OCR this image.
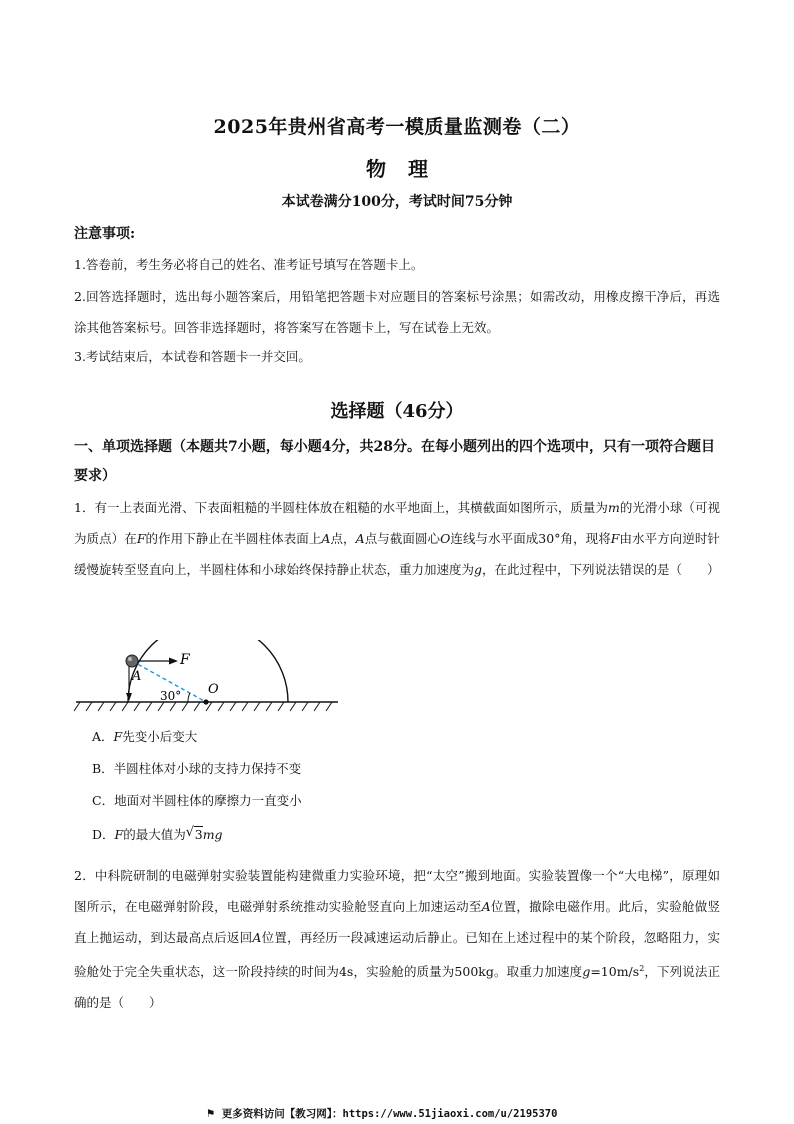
2025年贵州省高考一模质量监测卷（二）
物理
本试卷满分100分，考试时间75分钟
注意事项:
1.答卷前，考生务必将自己的姓名、准考证号填写在答题卡上。
2.回答选择题时，选出每小题答案后，用铅笔把答题卡对应题目的答案标号涂黑；如需改动，用橡皮擦干净后，再选涂其他答案标号。回答非选择题时，将答案写在答题卡上，写在试卷上无效。
3.考试结束后，本试卷和答题卡一并交回。
选择题（46分）
一、单项选择题（本题共7小题，每小题4分，共28分。在每小题列出的四个选项中，只有一项符合题目要求）
1．有一上表面光滑、下表面粗糙的半圆柱体放在粗糙的水平地面上，其横截面如图所示，质量为m的光滑小球（可视为质点）在F的作用下静止在半圆柱体表面上A点，A点与截面圆心O连线与水平面成30°角，现将F由水平方向逆时针缓慢旋转至竖直向上，半圆柱体和小球始终保持静止状态，重力加速度为g，在此过程中，下列说法错误的是（　　）
F
A
O
30°
A．F先变小后变大
B．半圆柱体对小球的支持力保持不变
C．地面对半圆柱体的摩擦力一直变小
D．F的最大值为 √ 3mg
2．中科院研制的电磁弹射实验装置能构建微重力实验环境，把“太空”搬到地面。实验装置像一个“大电梯”，原理如图所示，在电磁弹射阶段，电磁弹射系统推动实验舱竖直向上加速运动至A位置，撤除电磁作用。此后，实验舱做竖直上抛运动，到达最高点后返回A位置，再经历一段减速运动后静止。已知在上述过程中的某个阶段，忽略阻力，实验舱处于完全失重状态，这一阶段持续的时间为4s，实验舱的质量为500kg。取重力加速度$g=10m/s^2$，下列说法正确的是（　　）
⚑ 更多资料访问【教习网】：https://www.51jiaoxi.com/u/2195370
